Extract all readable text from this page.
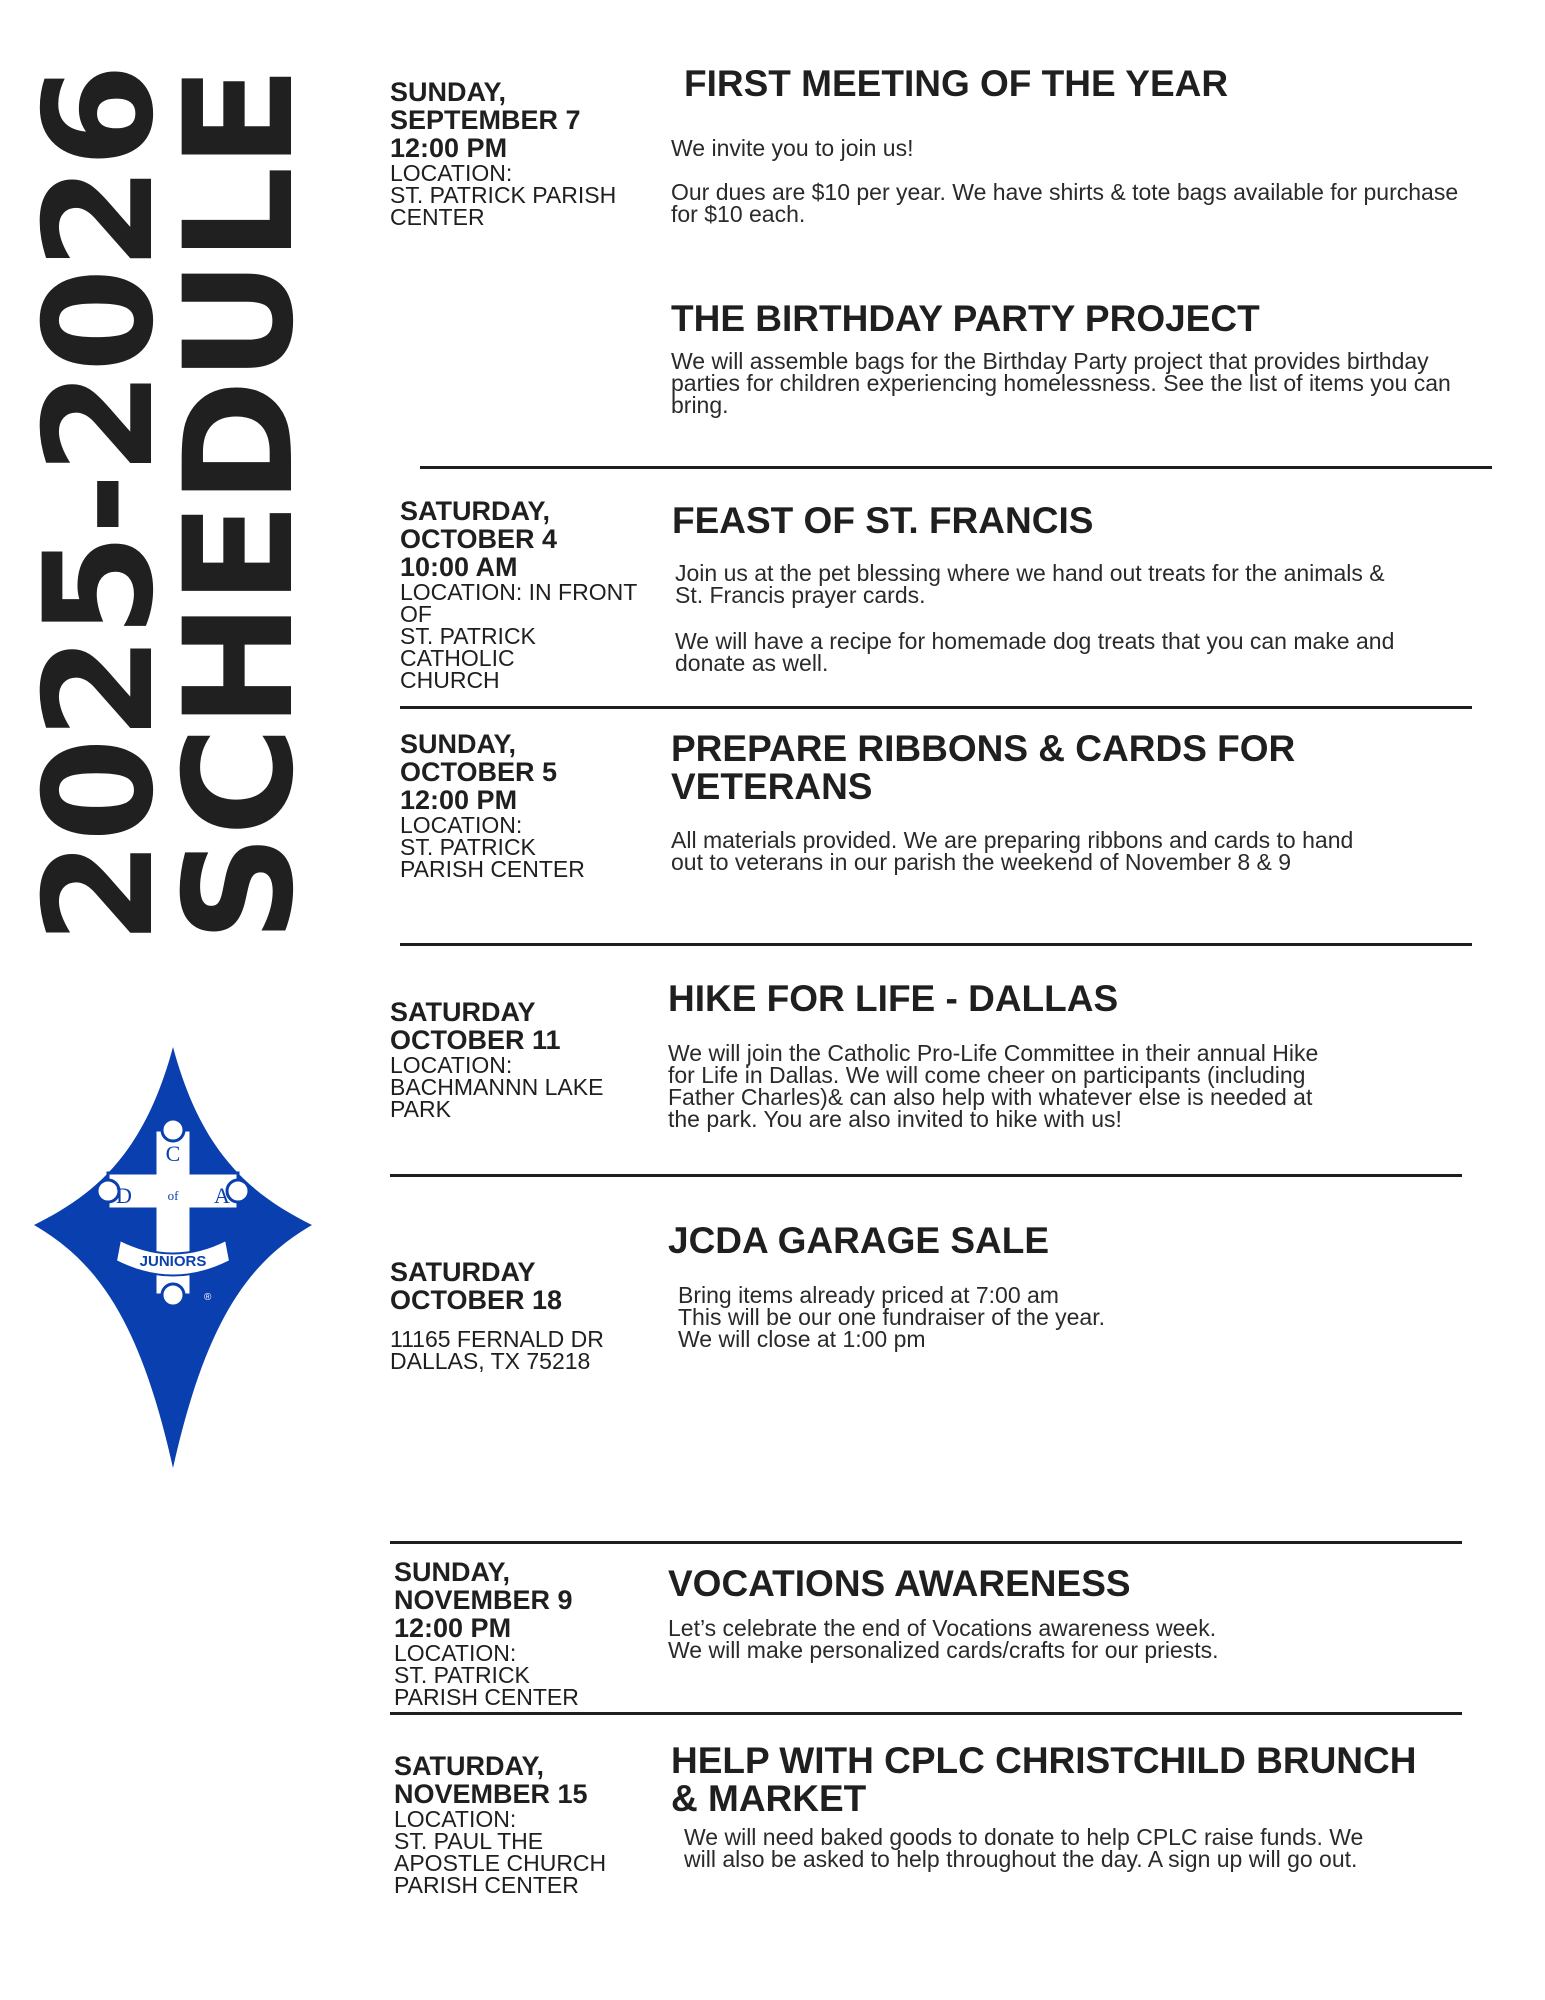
2025-2026
SCHEDULE
C
D	of A
JUNIORS
®
SUNDAY,
SEPTEMBER 7
12:00 PM
LOCATION:
ST. PATRICK PARISH
CENTER
FIRST MEETING OF THE YEAR

We invite you to join us!

Our dues are $10 per year. We have shirts & tote bags available for purchase for $10 each.

THE BIRTHDAY PARTY PROJECT

We will assemble bags for the Birthday Party project that provides birthday parties for children experiencing homelessness. See the list of items you can bring.

SATURDAY,
OCTOBER 4
10:00 AM
LOCATION: IN FRONT OF
ST. PATRICK
CATHOLIC
CHURCH
FEAST OF ST. FRANCIS

Join us at the pet blessing where we hand out treats for the animals & St. Francis prayer cards.

We will have a recipe for homemade dog treats that you can make and donate as well.

SUNDAY,
OCTOBER 5
12:00 PM
LOCATION:
ST. PATRICK
PARISH CENTER
PREPARE RIBBONS & CARDS FOR VETERANS

All materials provided. We are preparing ribbons and cards to hand out to veterans in our parish the weekend of November 8 & 9

SATURDAY
OCTOBER 11
LOCATION:
BACHMANNN LAKE
PARK
HIKE FOR LIFE - DALLAS

We will join the Catholic Pro-Life Committee in their annual Hike for Life in Dallas. We will come cheer on participants (including Father Charles)& can also help with whatever else is needed at the park. You are also invited to hike with us!

SATURDAY
OCTOBER 18
11165 FERNALD DR
DALLAS, TX 75218
JCDA GARAGE SALE
Bring items already priced at 7:00 am
This will be our one fundraiser of the year.
We will close at 1:00 pm
SUNDAY,
NOVEMBER 9
12:00 PM
LOCATION:
ST. PATRICK
PARISH CENTER
VOCATIONS AWARENESS
Let’s celebrate the end of Vocations awareness week.
We will make personalized cards/crafts for our priests.
SATURDAY,
NOVEMBER 15
LOCATION:
ST. PAUL THE
APOSTLE CHURCH
PARISH CENTER
HELP WITH CPLC CHRISTCHILD BRUNCH & MARKET

We will need baked goods to donate to help CPLC raise funds. We will also be asked to help throughout the day. A sign up will go out.
